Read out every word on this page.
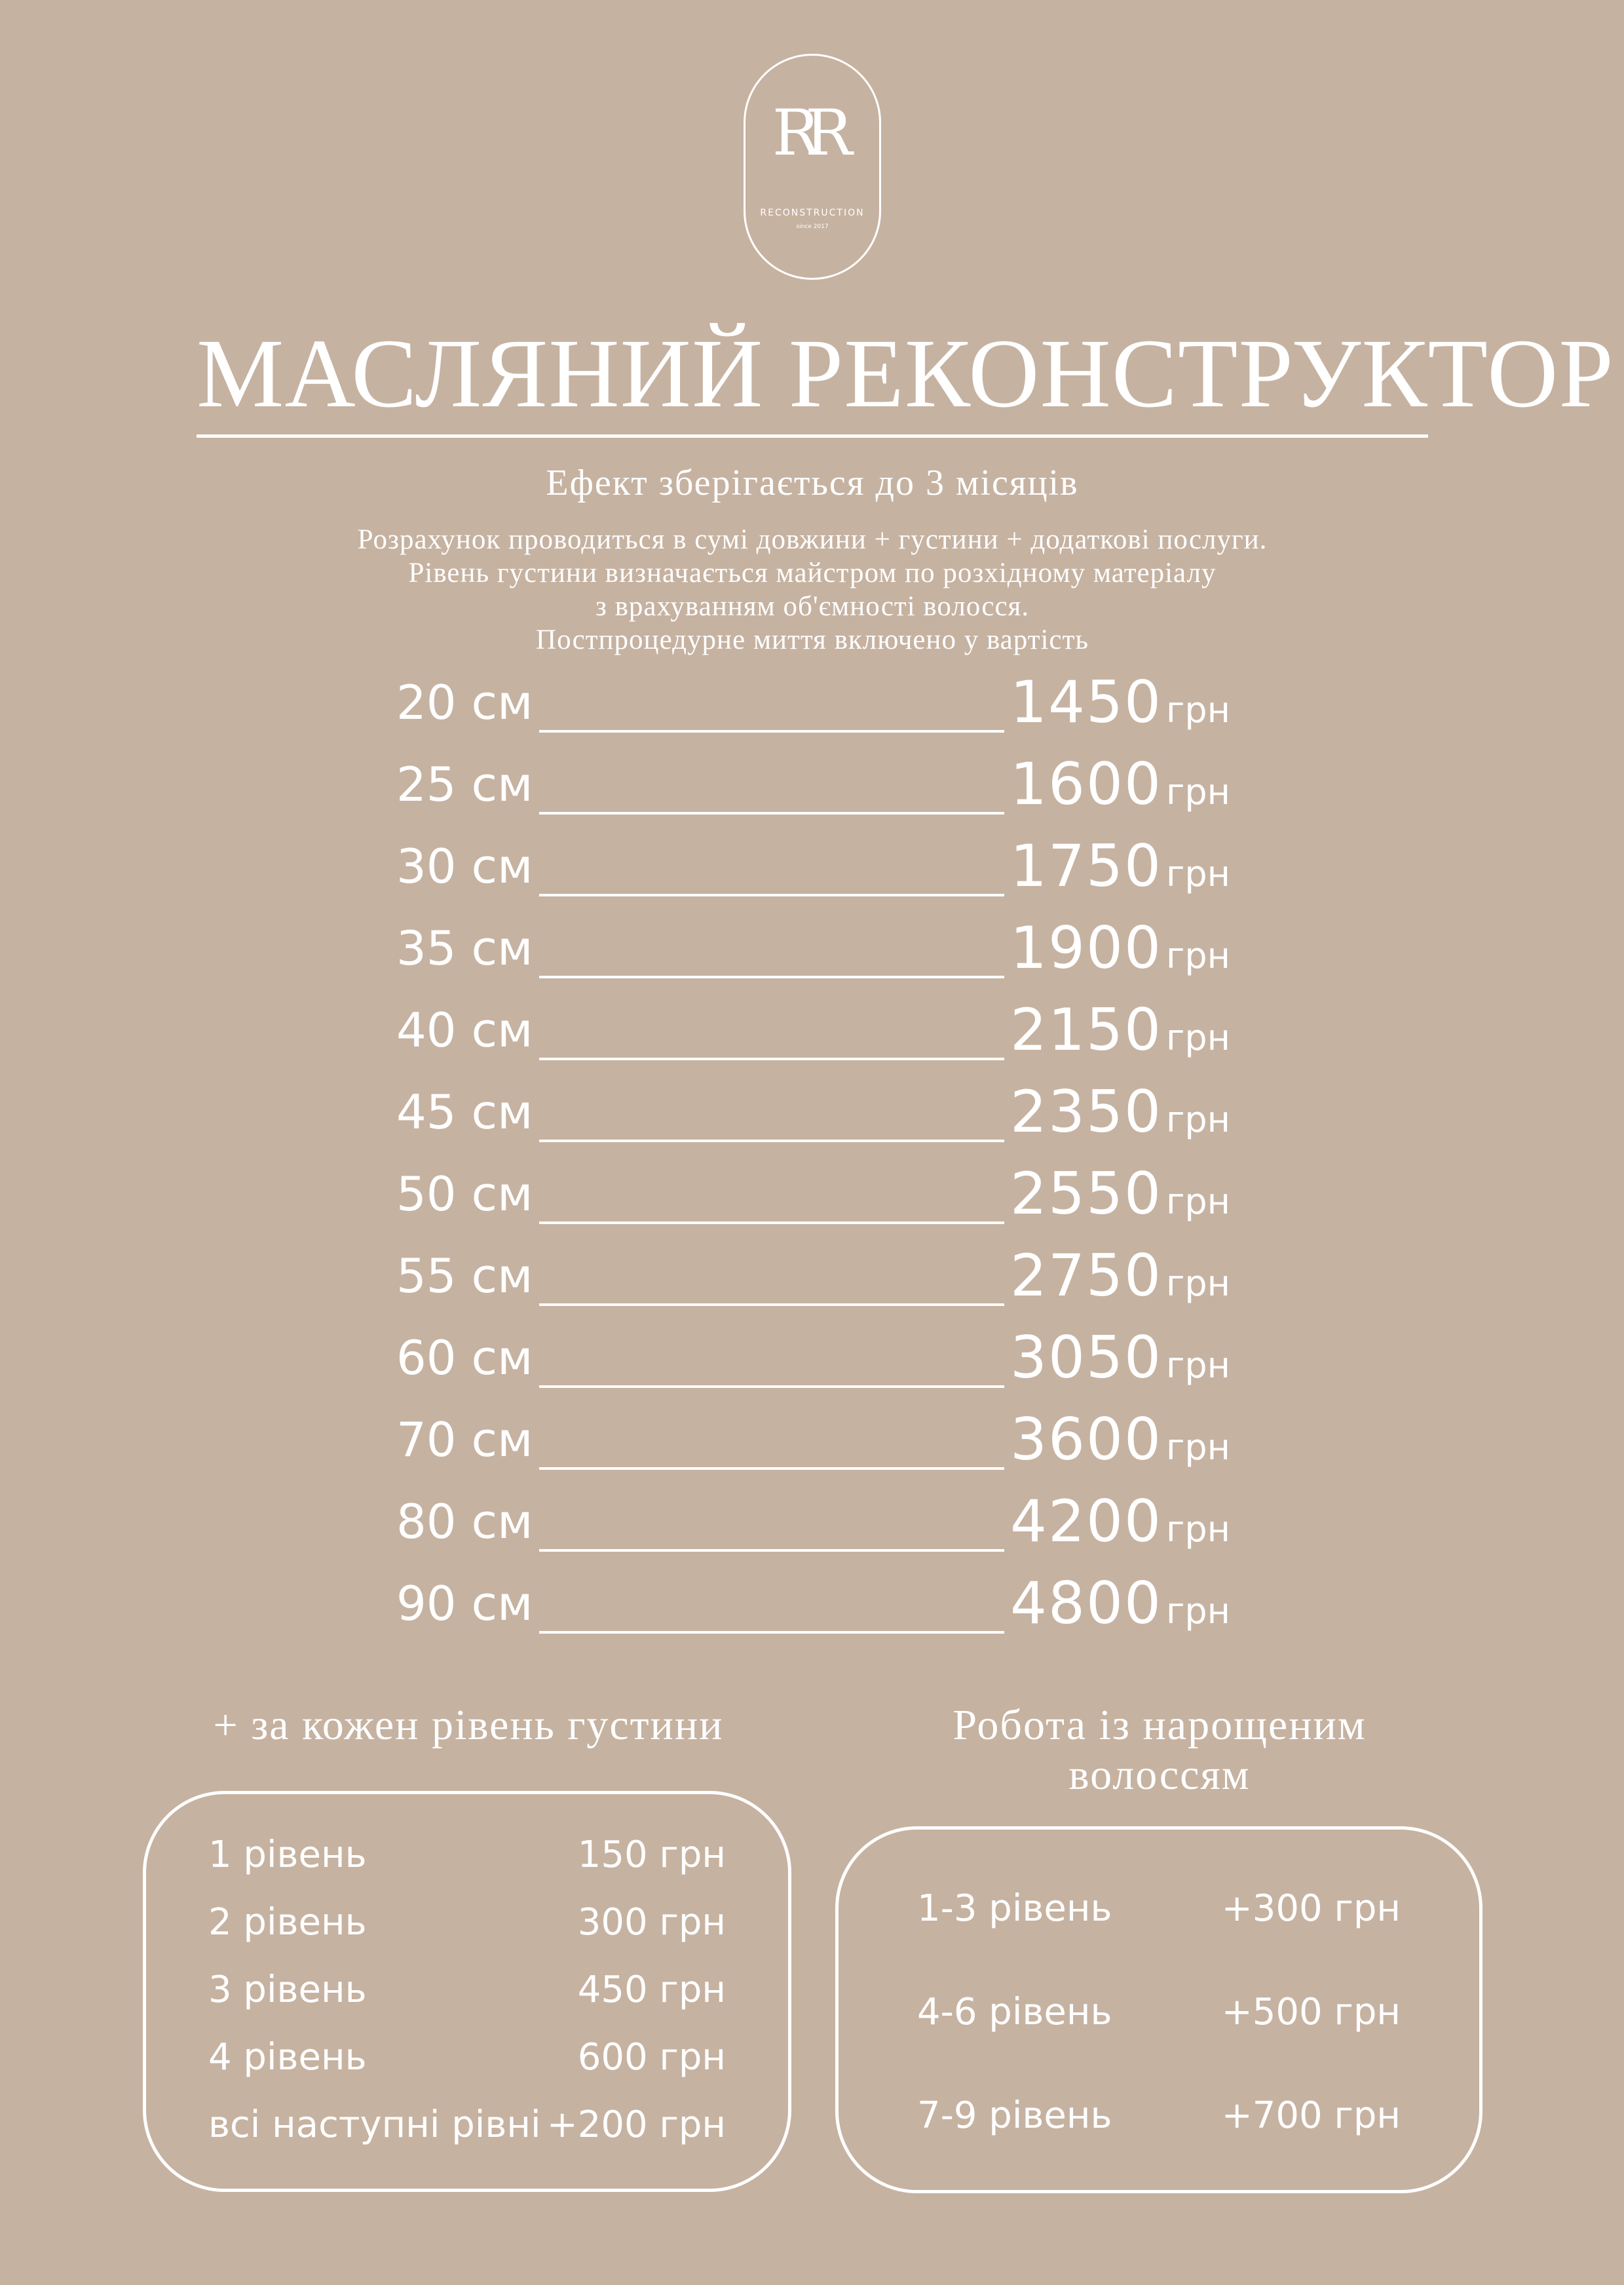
RR
RECONSTRUCTION
since 2017
МАСЛЯНИЙ РЕКОНСТРУКТОР
Ефект зберігається до 3 місяців
Розрахунок проводиться в сумі довжини + густини + додаткові послуги.
Рівень густини визначається майстром по розхідному матеріалу
з врахуванням об'ємності волосся.
Постпроцедурне миття включено у вартість
20 см	1450 грн
25 см	1600 грн
30 см	1750 грн
35 см	1900 грн
40 см	2150 грн
45 см	2350 грн
50 см	2550 грн
55 см	2750 грн
60 см	3050 грн
70 см	3600 грн
80 см	4200 грн
90 см	4800 грн
+ за кожен рівень густини
1 рівень	150 грн
2 рівень	300 грн
3 рівень	450 грн
4 рівень	600 грн
всі наступні рівні +200 грн
Робота із нарощеним
волоссям
1-3 рівень	+300 грн
4-6 рівень	+500 грн
7-9 рівень	+700 грн
